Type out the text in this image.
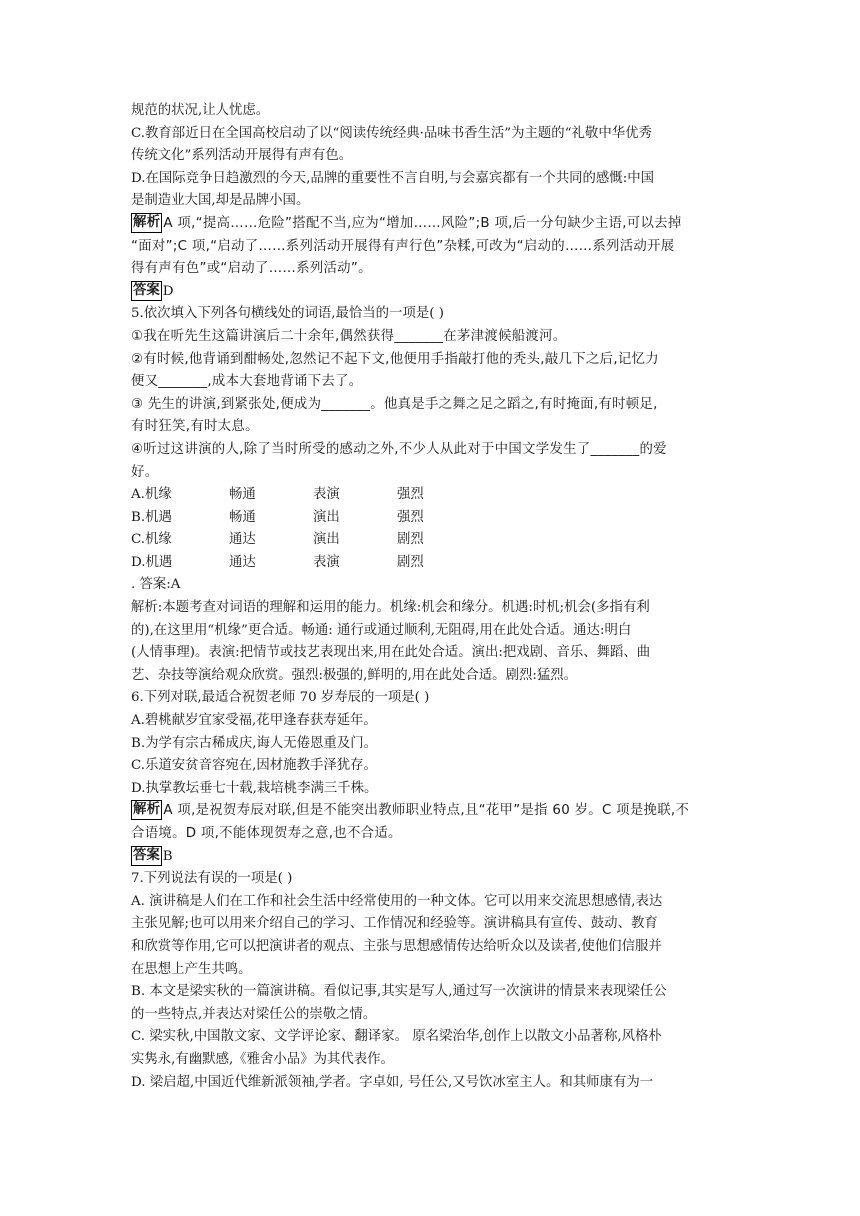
规范的状况,让人忧虑。
C.教育部近日在全国高校启动了以“阅读传统经典·品味书香生活”为主题的“礼敬中华优秀
传统文化”系列活动开展得有声有色。
D.在国际竞争日趋激烈的今天,品牌的重要性不言自明,与会嘉宾都有一个共同的感慨:中国
是制造业大国,却是品牌小国。
解析 A 项,“提高……危险”搭配不当,应为“增加……风险”;B 项,后一分句缺少主语,可以去掉
“面对”;C 项,“启动了……系列活动开展得有声行色”杂糅,可改为“启动的……系列活动开展
得有声有色”或“启动了……系列活动”。
答案 D
5.依次填入下列各句横线处的词语,最恰当的一项是( )
①我在听先生这篇讲演后二十余年,偶然获得_______在茅津渡候船渡河。
②有时候,他背诵到酣畅处,忽然记不起下文,他便用手指敲打他的秃头,敲几下之后,记忆力
便又_______,成本大套地背诵下去了。
③ 先生的讲演,到紧张处,便成为_______。他真是手之舞之足之蹈之,有时掩面,有时顿足,
有时狂笑,有时太息。
④听过这讲演的人,除了当时所受的感动之外,不少人从此对于中国文学发生了_______的爱
好。
A.机缘	畅通	表演	强烈
B.机遇	畅通	演出	强烈
C.机缘	通达	演出	剧烈
D.机遇	通达	表演	剧烈
. 答案:A
解析:本题考查对词语的理解和运用的能力。机缘:机会和缘分。机遇:时机;机会(多指有利
的),在这里用“机缘”更合适。畅通: 通行或通过顺利,无阻碍,用在此处合适。通达:明白
(人情事理)。表演:把情节或技艺表现出来,用在此处合适。演出:把戏剧、音乐、舞蹈、曲
艺、杂技等演给观众欣赏。强烈:极强的,鲜明的,用在此处合适。剧烈:猛烈。
6.下列对联,最适合祝贺老师 70 岁寿辰的一项是( )
A.碧桃献岁宜家受福,花甲逢春获寿延年。
B.为学有宗古稀成庆,诲人无倦恩重及门。
C.乐道安贫音容宛在,因材施教手泽犹存。
D.执掌教坛垂七十载,栽培桃李满三千株。
解析 A 项,是祝贺寿辰对联,但是不能突出教师职业特点,且“花甲”是指 60 岁。C 项是挽联,不
合语境。D 项,不能体现贺寿之意,也不合适。
答案 B
7.下列说法有误的一项是( )
A. 演讲稿是人们在工作和社会生活中经常使用的一种文体。它可以用来交流思想感情,表达
主张见解;也可以用来介绍自己的学习、工作情况和经验等。演讲稿具有宣传、鼓动、教育
和欣赏等作用,它可以把演讲者的观点、主张与思想感情传达给听众以及读者,使他们信服并
在思想上产生共鸣。
B. 本文是梁实秋的一篇演讲稿。看似记事,其实是写人,通过写一次演讲的情景来表现梁任公
的一些特点,并表达对梁任公的崇敬之情。
C. 梁实秋,中国散文家、文学评论家、翻译家。 原名梁治华,创作上以散文小品著称,风格朴
实隽永,有幽默感,《雅舍小品》为其代表作。
D. 梁启超,中国近代维新派领袖,学者。字卓如, 号任公,又号饮冰室主人。和其师康有为一
